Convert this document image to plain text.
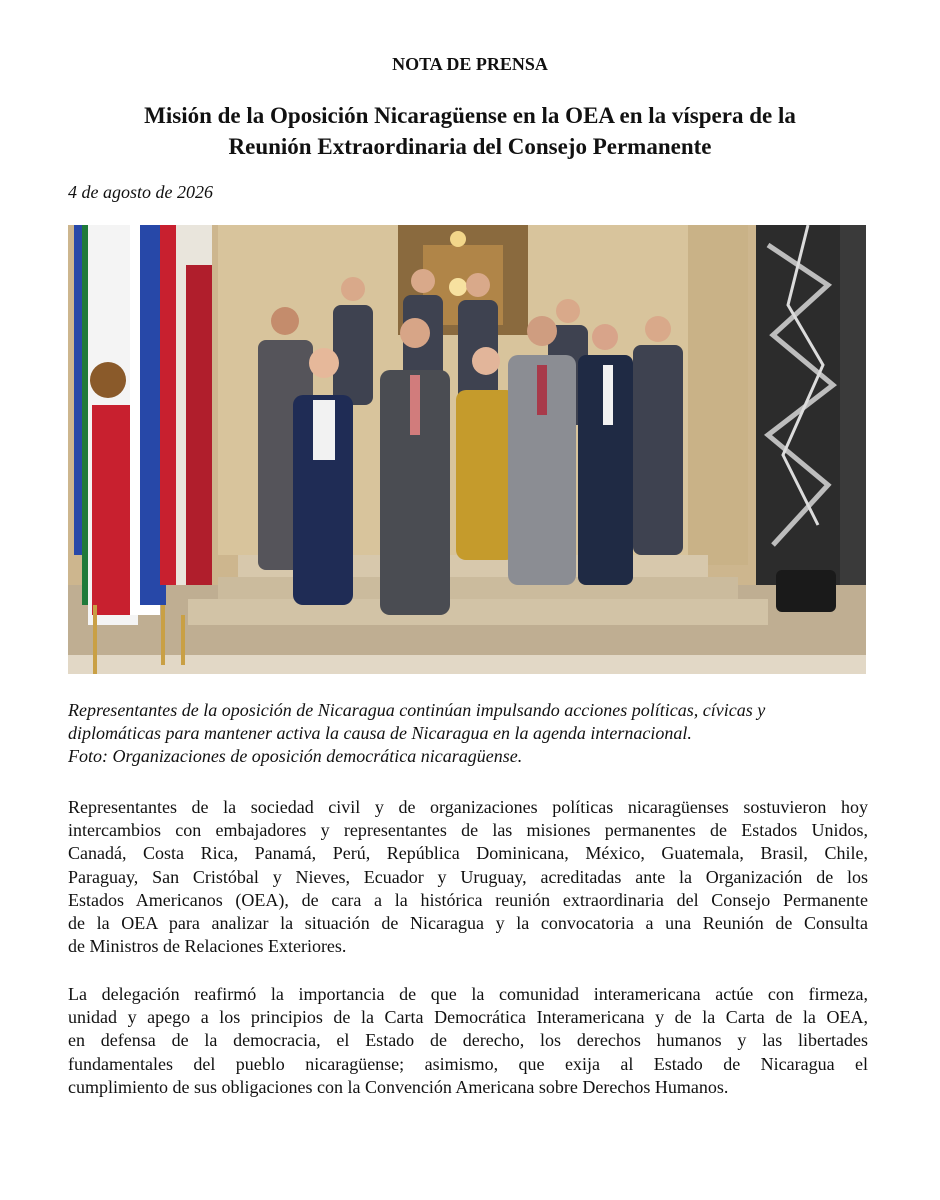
NOTA DE PRENSA
Misión de la Oposición Nicaragüense en la OEA en la víspera de la
Reunión Extraordinaria del Consejo Permanente
4 de agosto de 2026
Representantes de la oposición de Nicaragua continúan impulsando acciones políticas, cívicas y
diplomáticas para mantener activa la causa de Nicaragua en la agenda internacional.
Foto: Organizaciones de oposición democrática nicaragüense.
Representantes de la sociedad civil y de organizaciones políticas nicaragüenses sostuvieron hoy
intercambios con embajadores y representantes de las misiones permanentes de Estados Unidos,
Canadá, Costa Rica, Panamá, Perú, República Dominicana, México, Guatemala, Brasil, Chile,
Paraguay, San Cristóbal y Nieves, Ecuador y Uruguay, acreditadas ante la Organización de los
Estados Americanos (OEA), de cara a la histórica reunión extraordinaria del Consejo Permanente
de la OEA para analizar la situación de Nicaragua y la convocatoria a una Reunión de Consulta
de Ministros de Relaciones Exteriores.
La delegación reafirmó la importancia de que la comunidad interamericana actúe con firmeza,
unidad y apego a los principios de la Carta Democrática Interamericana y de la Carta de la OEA,
en defensa de la democracia, el Estado de derecho, los derechos humanos y las libertades
fundamentales del pueblo nicaragüense; asimismo, que exija al Estado de Nicaragua el
cumplimiento de sus obligaciones con la Convención Americana sobre Derechos Humanos.
